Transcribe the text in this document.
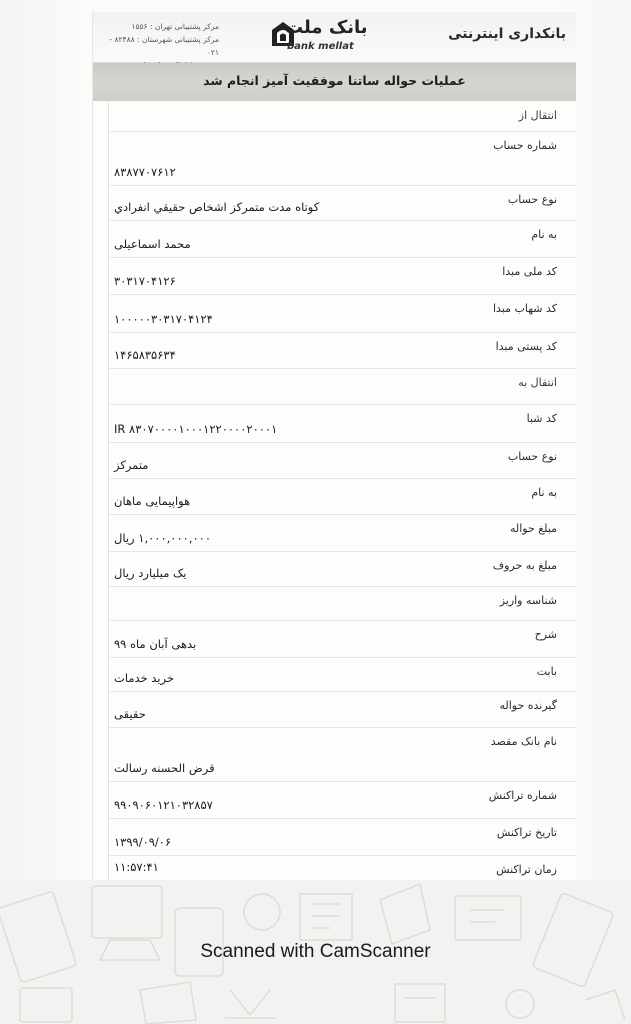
بانکداری اینترنتی
بانک ملت
bank mellat
مرکز پشتیبانی تهران : ۱۵۵۶
مرکز پشتیبانی شهرستان : ۸۲۴۸۸ - ۰۲۱
عملیات حواله ساتنا موفقیت آمیز انجام شد
انتقال از
شماره حساب
۸۳۸۷۷۰۷۶۱۲
نوع حساب
کوتاه مدت متمرکز اشخاص حقیقي انفرادي
به نام
محمد اسماعیلی
کد ملی مبدا
۳۰۳۱۷۰۴۱۲۶
کد شهاب مبدا
۱۰۰۰۰۰۳۰۳۱۷۰۴۱۲۴
کد پستی مبدا
۱۴۶۵۸۳۵۶۳۴
انتقال به
کد شبا
IR ۸۳۰۷۰۰۰۰۱۰۰۰۱۲۲۰۰۰۰۲۰۰۰۱
نوع حساب
متمرکز
به نام
هواپیمایی ماهان
مبلغ حواله
۱,۰۰۰,۰۰۰,۰۰۰ ریال
مبلغ به حروف
یک میلیارد ریال
شناسه واریز
شرح
بدهی آبان ماه ۹۹
بابت
خرید خدمات
گیرنده حواله
حقیقی
نام بانک مقصد
قرض الحسنه رسالت
شماره تراکنش
۹۹۰۹۰۶۰۱۲۱۰۳۲۸۵۷
تاریخ تراکنش
۱۳۹۹/۰۹/۰۶
زمان تراکنش
۱۱:۵۷:۴۱
Scanned with CamScanner
